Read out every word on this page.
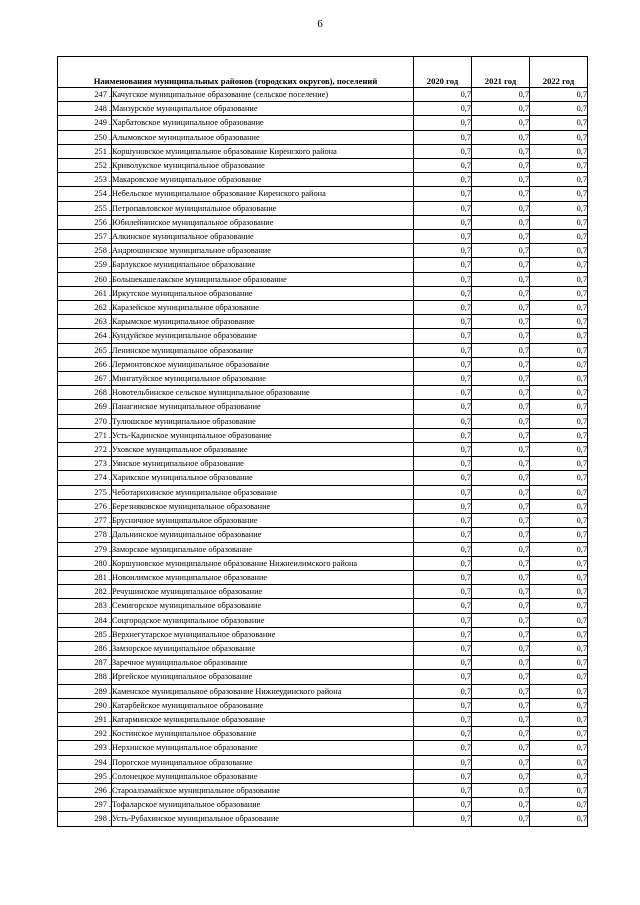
6
Наименования муниципальных районов (городских округов), поселений		2020 год	2021 год	2022 год
247 .	Качугское муниципальное образование (сельское поселение)	0,7	0,7	0,7
248 .	Манзурское муниципальное образование	0,7	0,7	0,7
249 .	Харбатовское муниципальное образование	0,7	0,7	0,7
250 .	Алымовское муниципальное образование	0,7	0,7	0,7
251 .	Коршуновское муниципальное образование Киренского района	0,7	0,7	0,7
252 .	Криволукское муниципальное образование	0,7	0,7	0,7
253 .	Макаровское муниципальное образование	0,7	0,7	0,7
254 .	Небельское муниципальное образование Киренского района	0,7	0,7	0,7
255 .	Петропавловское муниципальное образование	0,7	0,7	0,7
256 .	Юбилейнинское муниципальное образование	0,7	0,7	0,7
257 .	Алкинское муниципальное образование	0,7	0,7	0,7
258 .	Андрюшинское муниципальное образование	0,7	0,7	0,7
259 .	Барлукское муниципальное образование	0,7	0,7	0,7
260 .	Большекашелакское муниципальное образование	0,7	0,7	0,7
261 .	Иркутское муниципальное образование	0,7	0,7	0,7
262 .	Каразейское муниципальное образование	0,7	0,7	0,7
263 .	Карымское муниципальное образование	0,7	0,7	0,7
264 .	Кундуйское муниципальное образование	0,7	0,7	0,7
265 .	Ленинское муниципальное образование	0,7	0,7	0,7
266 .	Лермонтовское муниципальное образование	0,7	0,7	0,7
267 .	Мингатуйское муниципальное образование	0,7	0,7	0,7
268 .	Новотельбинское сельское муниципальное образование	0,7	0,7	0,7
269 .	Панагинское муниципальное образование	0,7	0,7	0,7
270 .	Тулюшское муниципальное образование	0,7	0,7	0,7
271 .	Усть-Кадинское муниципальное образование	0,7	0,7	0,7
272 .	Уховское муниципальное образование	0,7	0,7	0,7
273 .	Уянское муниципальное образование	0,7	0,7	0,7
274 .	Харикское муниципальное образование	0,7	0,7	0,7
275 .	Чеботарихинское муниципальное образование	0,7	0,7	0,7
276 .	Березняковское муниципальное образование	0,7	0,7	0,7
277 .	Брусничное муниципальное образование	0,7	0,7	0,7
278 .	Дальнинское муниципальное образование	0,7	0,7	0,7
279 .	Заморское муниципальное образование	0,7	0,7	0,7
280 .	Коршуновское муниципальное образование Нижнеилимского района	0,7	0,7	0,7
281 .	Новоилимское муниципальное образование	0,7	0,7	0,7
282 .	Речушинское муниципальное образование	0,7	0,7	0,7
283 .	Семигорское муниципальное образование	0,7	0,7	0,7
284 .	Соцгородское муниципальное образование	0,7	0,7	0,7
285 .	Верхнегутарское муниципальное образование	0,7	0,7	0,7
286 .	Замзорское муниципальное образование	0,7	0,7	0,7
287 .	Заречное муниципальное образование	0,7	0,7	0,7
288 .	Иргейское муниципальное образование	0,7	0,7	0,7
289 .	Каменское муниципальное образование Нижнеудинского района	0,7	0,7	0,7
290 .	Катарбейское муниципальное образование	0,7	0,7	0,7
291 .	Катарминское муниципальное образование	0,7	0,7	0,7
292 .	Костинское муниципальное образование	0,7	0,7	0,7
293 .	Нерхинское муниципальное образование	0,7	0,7	0,7
294 .	Порогское муниципальное образование	0,7	0,7	0,7
295 .	Солонецкое муниципальное образование	0,7	0,7	0,7
296 .	Староалзамайское муниципальное образование	0,7	0,7	0,7
297 .	Тофаларское муниципальное образование	0,7	0,7	0,7
298 .	Усть-Рубахинское муниципальное образование	0,7	0,7	0,7
